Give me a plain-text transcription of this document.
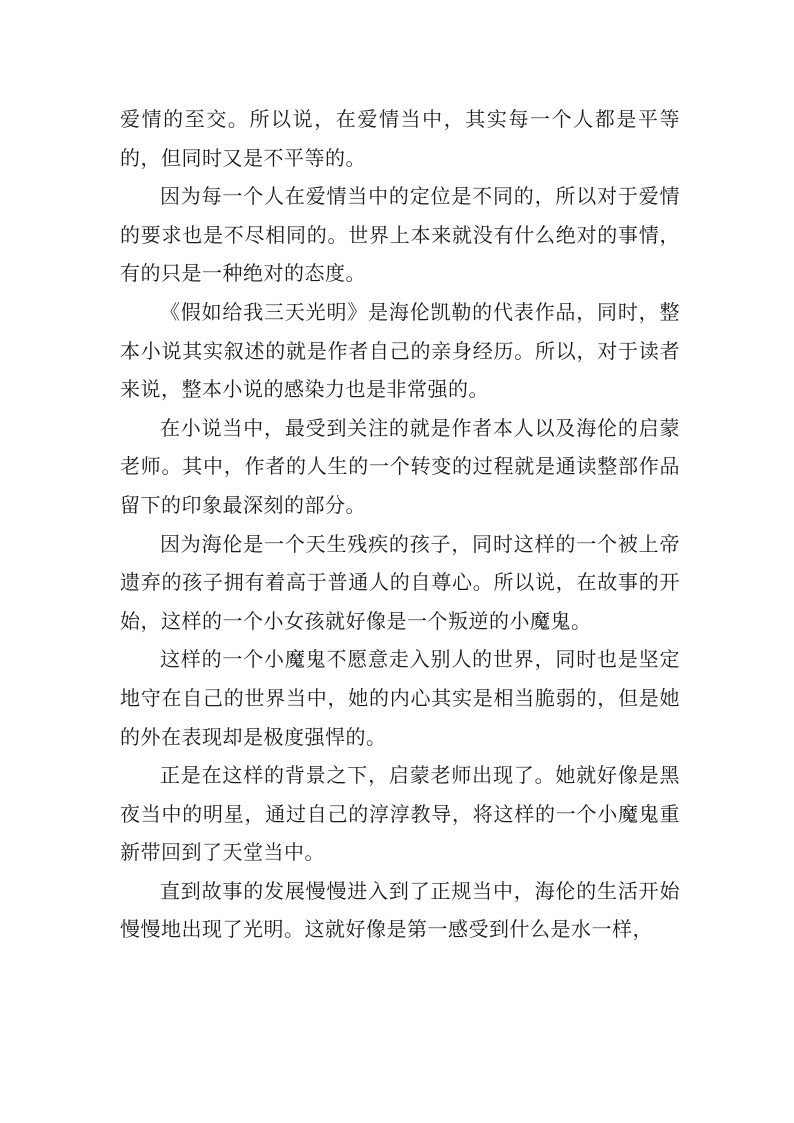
爱情的至交。所以说，在爱情当中，其实每一个人都是平等的，但同时又是不平等的。

因为每一个人在爱情当中的定位是不同的，所以对于爱情的要求也是不尽相同的。世界上本来就没有什么绝对的事情，有的只是一种绝对的态度。

《假如给我三天光明》是海伦凯勒的代表作品，同时，整本小说其实叙述的就是作者自己的亲身经历。所以，对于读者来说，整本小说的感染力也是非常强的。

在小说当中，最受到关注的就是作者本人以及海伦的启蒙老师。其中，作者的人生的一个转变的过程就是通读整部作品留下的印象最深刻的部分。

因为海伦是一个天生残疾的孩子，同时这样的一个被上帝遗弃的孩子拥有着高于普通人的自尊心。所以说，在故事的开始，这样的一个小女孩就好像是一个叛逆的小魔鬼。

这样的一个小魔鬼不愿意走入别人的世界，同时也是坚定地守在自己的世界当中，她的内心其实是相当脆弱的，但是她的外在表现却是极度强悍的。

正是在这样的背景之下，启蒙老师出现了。她就好像是黑夜当中的明星，通过自己的淳淳教导，将这样的一个小魔鬼重新带回到了天堂当中。

直到故事的发展慢慢进入到了正规当中，海伦的生活开始慢慢地出现了光明。这就好像是第一感受到什么是水一样，
